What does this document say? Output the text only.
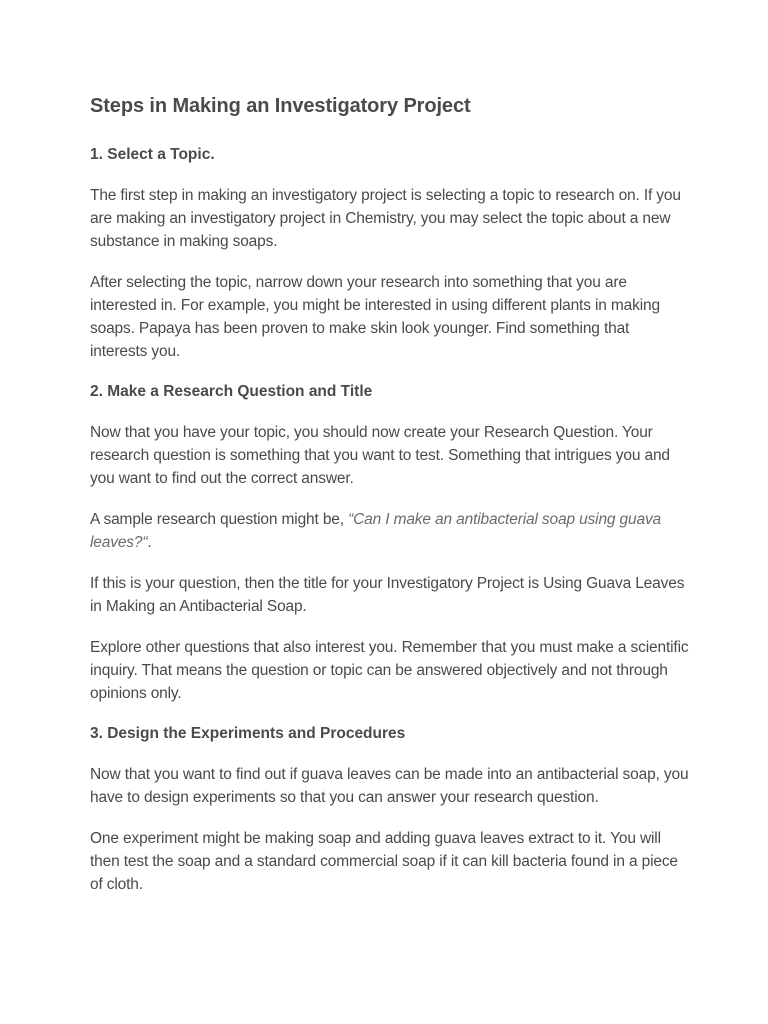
Steps in Making an Investigatory Project
1. Select a Topic.

The first step in making an investigatory project is selecting a topic to research on. If you are making an investigatory project in Chemistry, you may select the topic about a new substance in making soaps.

After selecting the topic, narrow down your research into something that you are interested in. For example, you might be interested in using different plants in making soaps. Papaya has been proven to make skin look younger. Find something that interests you.

2. Make a Research Question and Title

Now that you have your topic, you should now create your Research Question. Your research question is something that you want to test. Something that intrigues you and you want to find out the correct answer.

A sample research question might be, “Can I make an antibacterial soap using guava leaves?“.

If this is your question, then the title for your Investigatory Project is Using Guava Leaves in Making an Antibacterial Soap.

Explore other questions that also interest you. Remember that you must make a scientific inquiry. That means the question or topic can be answered objectively and not through opinions only.

3. Design the Experiments and Procedures

Now that you want to find out if guava leaves can be made into an antibacterial soap, you have to design experiments so that you can answer your research question.

One experiment might be making soap and adding guava leaves extract to it. You will then test the soap and a standard commercial soap if it can kill bacteria found in a piece of cloth.
